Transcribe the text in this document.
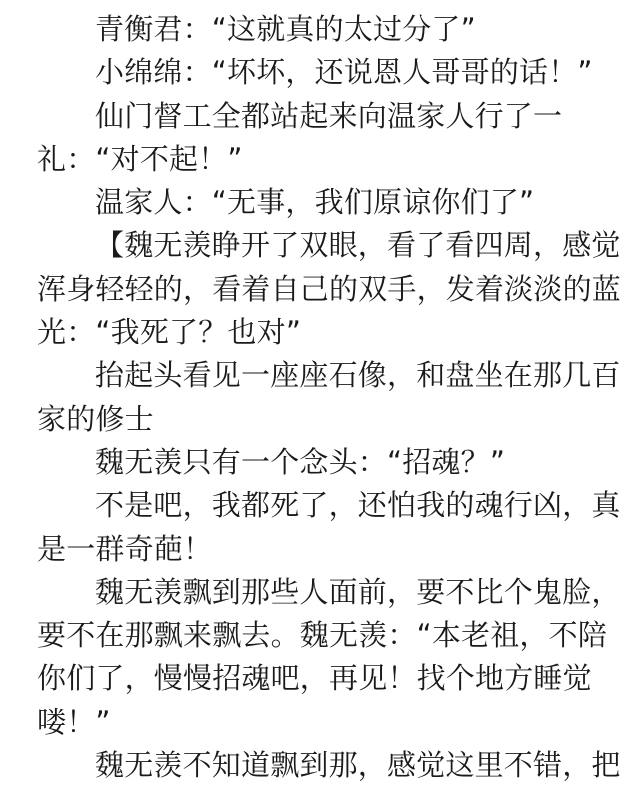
青衡君：“这就真的太过分了”
小绵绵：“坏坏，还说恩人哥哥的话！”
仙门督工全都站起来向温家人行了一
礼：“对不起！”
温家人：“无事，我们原谅你们了”
【魏无羡睁开了双眼，看了看四周，感觉
浑身轻轻的，看着自己的双手，发着淡淡的蓝
光：“我死了？也对”
抬起头看见一座座石像，和盘坐在那几百
家的修士
魏无羡只有一个念头：“招魂？”
不是吧，我都死了，还怕我的魂行凶，真
是一群奇葩！
魏无羡飘到那些人面前，要不比个鬼脸，
要不在那飘来飘去。魏无羡：“本老祖，不陪
你们了，慢慢招魂吧，再见！找个地方睡觉
喽！”
魏无羡不知道飘到那，感觉这里不错，把
